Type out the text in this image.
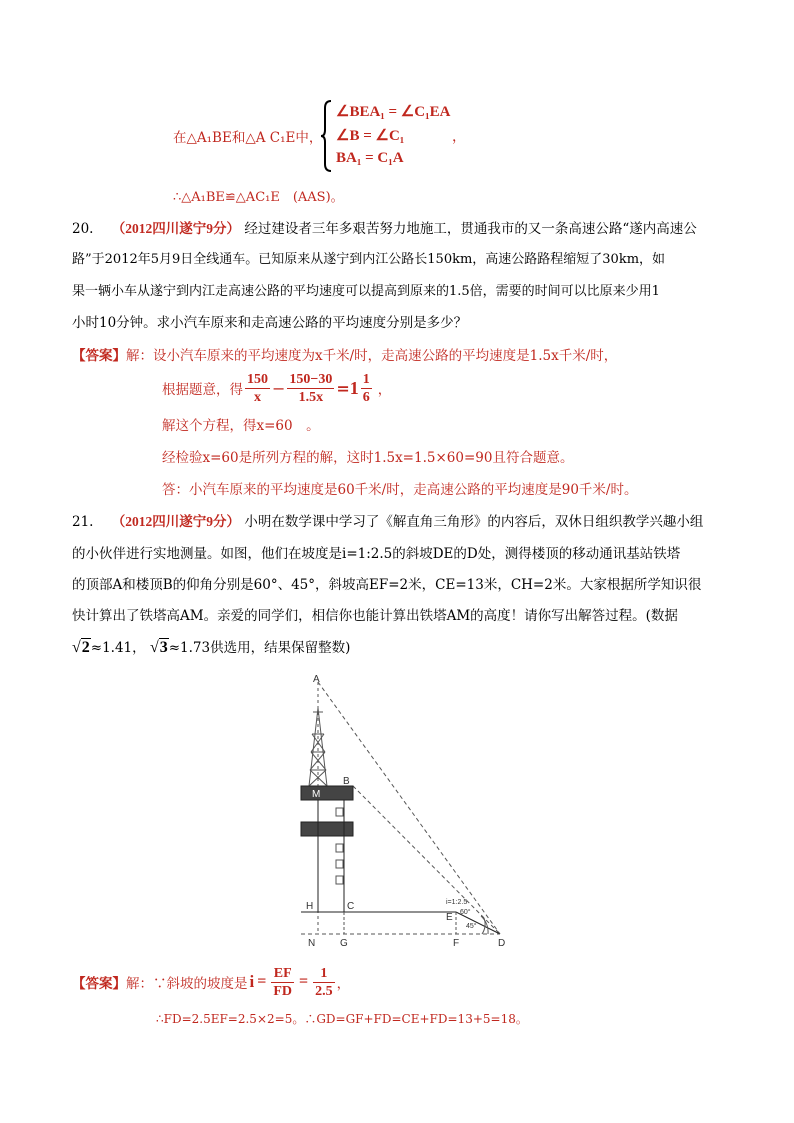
在△A₁BE和△A C₁E中，
∠BEA₁ = ∠C₁EA
∠B = ∠C₁
BA₁ = C₁A
，
∴△A₁BE≌△AC₁E　(AAS)。
20. （2012四川遂宁9分） 经过建设者三年多艰苦努力地施工，贯通我市的又一条高速公路“遂内高速公
路”于2012年5月9日全线通车。已知原来从遂宁到内江公路长150km，高速公路路程缩短了30km，如
果一辆小车从遂宁到内江走高速公路的平均速度可以提高到原来的1.5倍，需要的时间可以比原来少用1
小时10分钟。求小汽车原来和走高速公路的平均速度分别是多少？
【答案】解：设小汽车原来的平均速度为x千米/时，走高速公路的平均速度是1.5x千米/时，
根据题意，得 $\frac{150}{x} - \frac{150-30}{1.5x} = 1 \frac{1}{6}$ ，
解这个方程，得x=60　。
经检验x=60是所列方程的解，这时1.5x=1.5×60=90且符合题意。
答：小汽车原来的平均速度是60千米/时，走高速公路的平均速度是90千米/时。
21. （2012四川遂宁9分） 小明在数学课中学习了《解直角三角形》的内容后，双休日组织教学兴趣小组
的小伙伴进行实地测量。如图，他们在坡度是i=1:2.5的斜坡DE的D处，测得楼顶的移动通讯基站铁塔
的顶部A和楼顶B的仰角分别是60°、45°，斜坡高EF=2米，CE=13米，CH=2米。大家根据所学知识很
快计算出了铁塔高AM。亲爱的同学们，相信你也能计算出铁塔AM的高度！请你写出解答过程。(数据
√2≈1.41， √3≈1.73供选用，结果保留整数)
A
B
M
H	C
E
N G	F	D
i=1:2.5
60°
45°
【答案】 解：∵斜坡的坡度是 $i = \frac{EF}{FD} = \frac{1}{2.5}$ ，
∴FD=2.5EF=2.5×2=5。∴GD=GF+FD=CE+FD=13+5=18。
